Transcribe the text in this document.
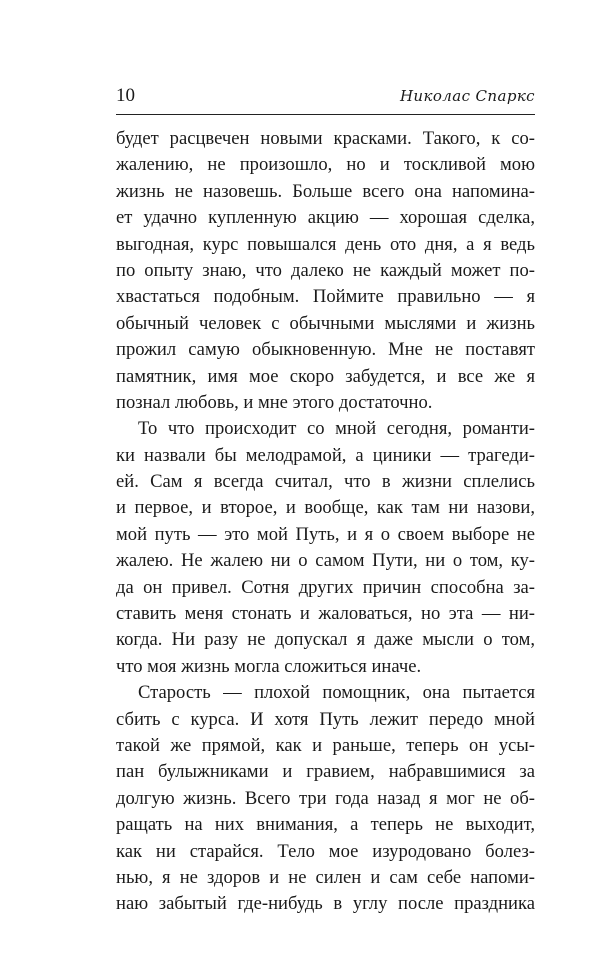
10	Николас Спаркс
будет расцвечен новыми красками. Такого, к со-
жалению, не произошло, но и тоскливой мою
жизнь не назовешь. Больше всего она напомина-
ет удачно купленную акцию — хорошая сделка,
выгодная, курс повышался день ото дня, а я ведь
по опыту знаю, что далеко не каждый может по-
хвастаться подобным. Поймите правильно — я
обычный человек с обычными мыслями и жизнь
прожил самую обыкновенную. Мне не поставят
памятник, имя мое скоро забудется, и все же я
познал любовь, и мне этого достаточно.
То что происходит со мной сегодня, романти-
ки назвали бы мелодрамой, а циники — трагеди-
ей. Сам я всегда считал, что в жизни сплелись
и первое, и второе, и вообще, как там ни назови,
мой путь — это мой Путь, и я о своем выборе не
жалею. Не жалею ни о самом Пути, ни о том, ку-
да он привел. Сотня других причин способна за-
ставить меня стонать и жаловаться, но эта — ни-
когда. Ни разу не допускал я даже мысли о том,
что моя жизнь могла сложиться иначе.
Старость — плохой помощник, она пытается
сбить с курса. И хотя Путь лежит передо мной
такой же прямой, как и раньше, теперь он усы-
пан булыжниками и гравием, набравшимися за
долгую жизнь. Всего три года назад я мог не об-
ращать на них внимания, а теперь не выходит,
как ни старайся. Тело мое изуродовано болез-
нью, я не здоров и не силен и сам себе напоми-
наю забытый где-нибудь в углу после праздника
